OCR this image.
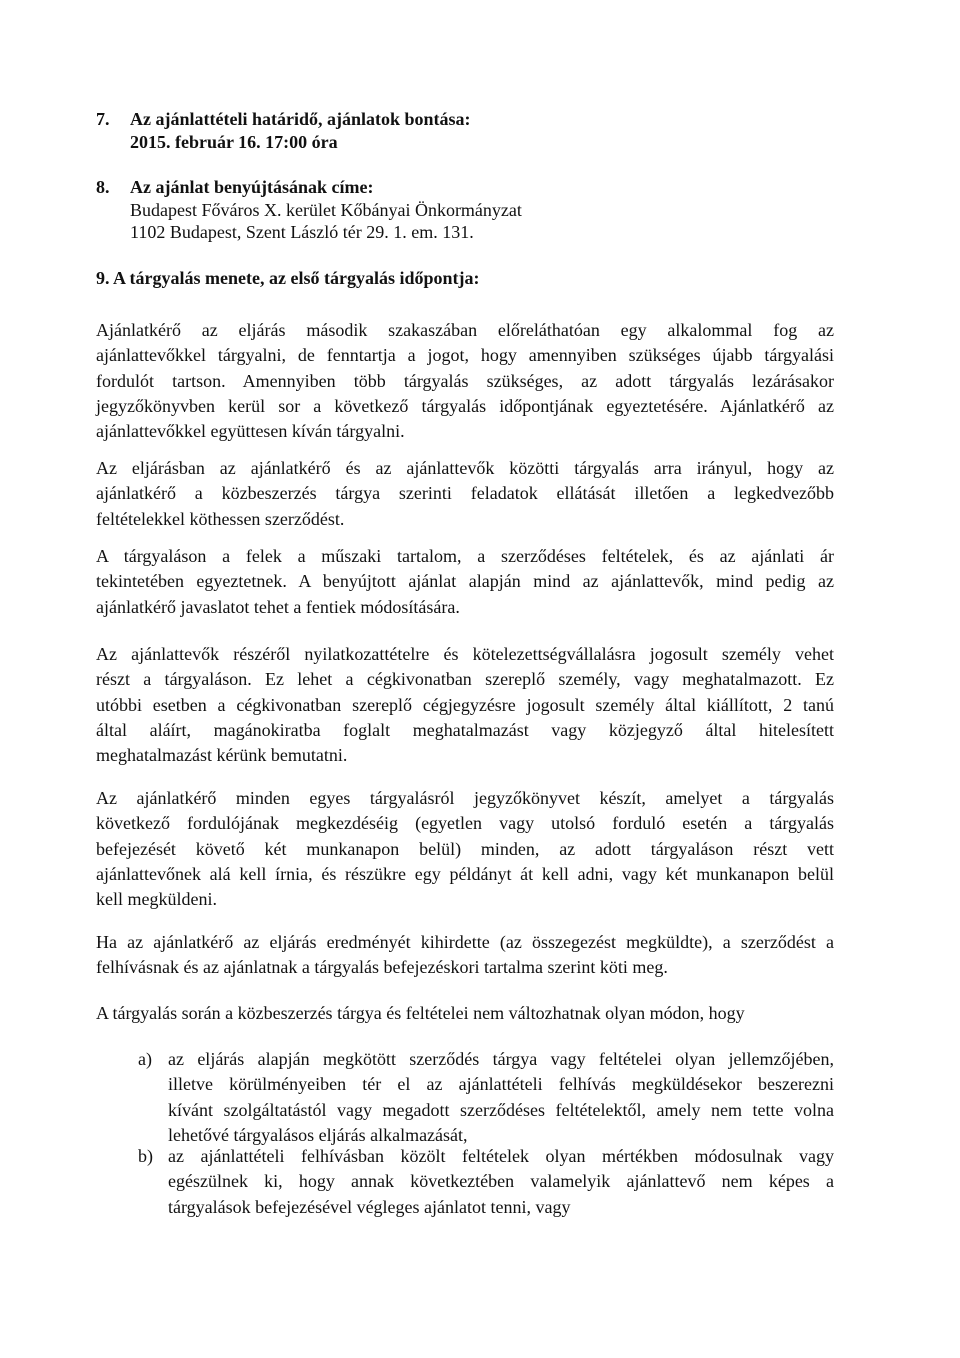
7. Az ajánlattételi határidő, ajánlatok bontása:
2015. február 16. 17:00 óra
8. Az ajánlat benyújtásának címe:
Budapest Főváros X. kerület Kőbányai Önkormányzat
1102 Budapest, Szent László tér 29. 1. em. 131.
9. A tárgyalás menete, az első tárgyalás időpontja:
Ajánlatkérő az eljárás második szakaszában előreláthatóan egy alkalommal fog az
ajánlattevőkkel tárgyalni, de fenntartja a jogot, hogy amennyiben szükséges újabb tárgyalási
fordulót tartson. Amennyiben több tárgyalás szükséges, az adott tárgyalás lezárásakor
jegyzőkönyvben kerül sor a következő tárgyalás időpontjának egyeztetésére. Ajánlatkérő az
ajánlattevőkkel együttesen kíván tárgyalni.
Az eljárásban az ajánlatkérő és az ajánlattevők közötti tárgyalás arra irányul, hogy az
ajánlatkérő a közbeszerzés tárgya szerinti feladatok ellátását illetően a legkedvezőbb
feltételekkel köthessen szerződést.
A tárgyaláson a felek a műszaki tartalom, a szerződéses feltételek, és az ajánlati ár
tekintetében egyeztetnek. A benyújtott ajánlat alapján mind az ajánlattevők, mind pedig az
ajánlatkérő javaslatot tehet a fentiek módosítására.
Az ajánlattevők részéről nyilatkozattételre és kötelezettségvállalásra jogosult személy vehet
részt a tárgyaláson. Ez lehet a cégkivonatban szereplő személy, vagy meghatalmazott. Ez
utóbbi esetben a cégkivonatban szereplő cégjegyzésre jogosult személy által kiállított, 2 tanú
által aláírt, magánokiratba foglalt meghatalmazást vagy közjegyző által hitelesített
meghatalmazást kérünk bemutatni.
Az ajánlatkérő minden egyes tárgyalásról jegyzőkönyvet készít, amelyet a tárgyalás
következő fordulójának megkezdéséig (egyetlen vagy utolsó forduló esetén a tárgyalás
befejezését követő két munkanapon belül) minden, az adott tárgyaláson részt vett
ajánlattevőnek alá kell írnia, és részükre egy példányt át kell adni, vagy két munkanapon belül
kell megküldeni.
Ha az ajánlatkérő az eljárás eredményét kihirdette (az összegezést megküldte), a szerződést a
felhívásnak és az ajánlatnak a tárgyalás befejezéskori tartalma szerint köti meg.
A tárgyalás során a közbeszerzés tárgya és feltételei nem változhatnak olyan módon, hogy
a) az eljárás alapján megkötött szerződés tárgya vagy feltételei olyan jellemzőjében,
illetve körülményeiben tér el az ajánlattételi felhívás megküldésekor beszerezni
kívánt szolgáltatástól vagy megadott szerződéses feltételektől, amely nem tette volna
lehetővé tárgyalásos eljárás alkalmazását,
b) az ajánlattételi felhívásban közölt feltételek olyan mértékben módosulnak vagy
egészülnek ki, hogy annak következtében valamelyik ajánlattevő nem képes a
tárgyalások befejezésével végleges ajánlatot tenni, vagy
